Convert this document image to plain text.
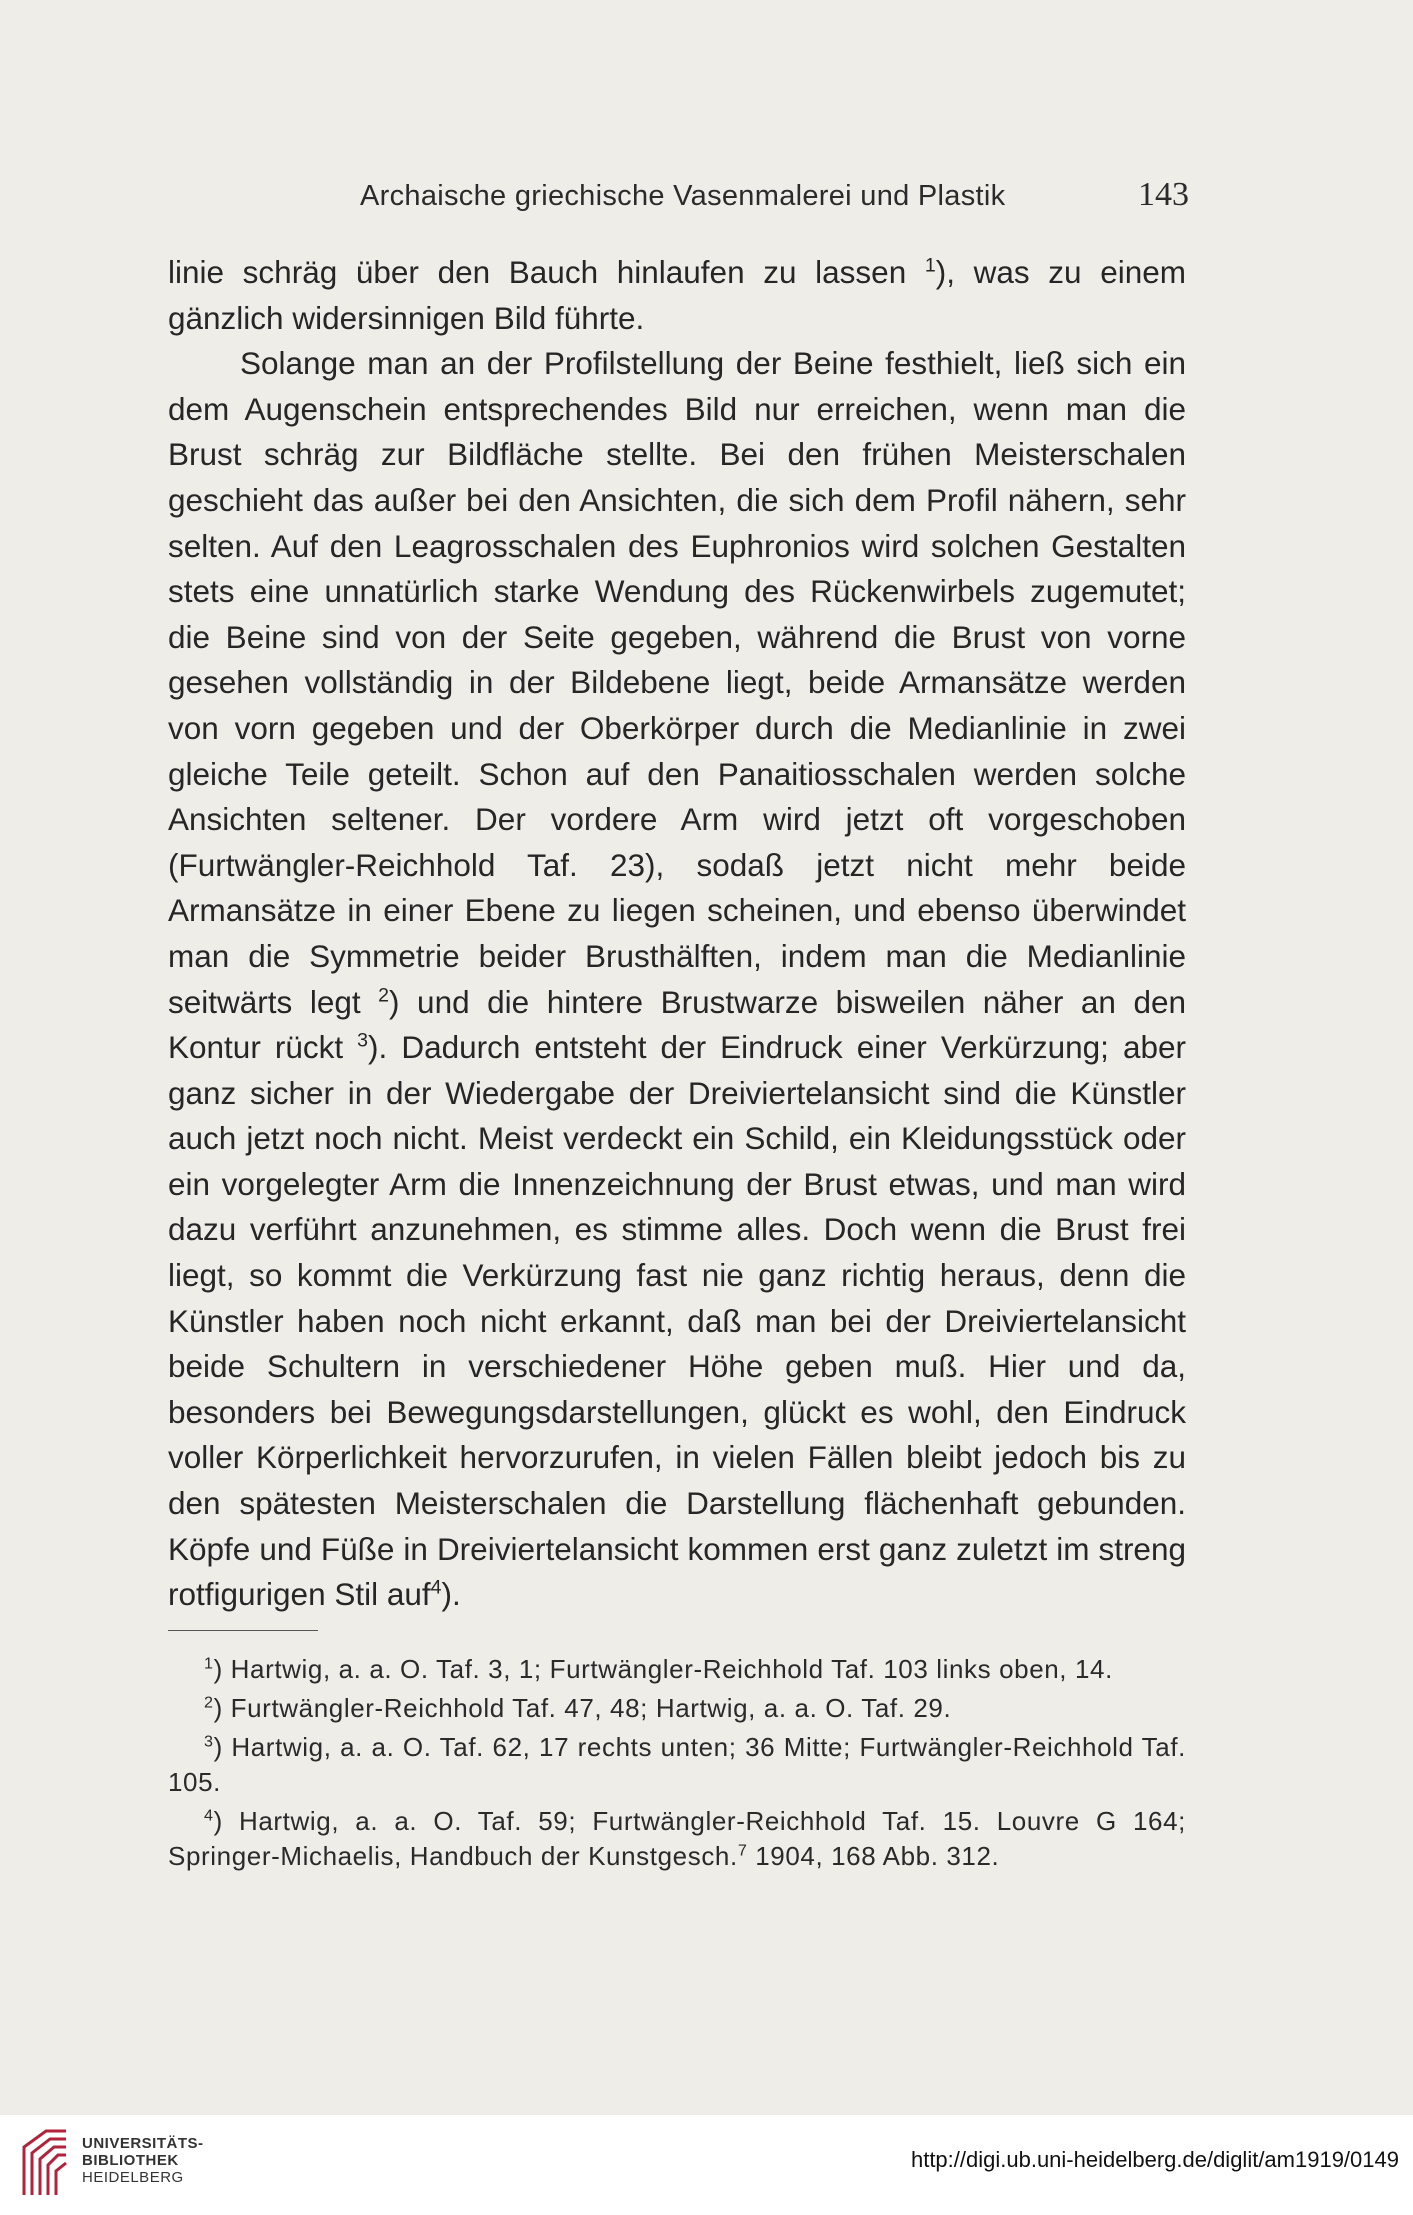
Archaische griechische Vasenmalerei und Plastik	143

linie schräg über den Bauch hinlaufen zu lassen $^1$), was zu einem gänzlich widersinnigen Bild führte.

Solange man an der Profilstellung der Beine festhielt, ließ sich ein dem Augenschein entsprechendes Bild nur erreichen, wenn man die Brust schräg zur Bildfläche stellte. Bei den frühen Meisterschalen geschieht das außer bei den Ansichten, die sich dem Profil nähern, sehr selten. Auf den Leagrosschalen des Euphronios wird solchen Gestalten stets eine unnatürlich starke Wendung des Rückenwirbels zugemutet; die Beine sind von der Seite gegeben, während die Brust von vorne gesehen vollständig in der Bildebene liegt, beide Armansätze werden von vorn gegeben und der Oberkörper durch die Medianlinie in zwei gleiche Teile geteilt. Schon auf den Panaitiosschalen werden solche Ansichten seltener. Der vordere Arm wird jetzt oft vorgeschoben (Furtwängler-Reichhold Taf. 23), sodaß jetzt nicht mehr beide Armansätze in einer Ebene zu liegen scheinen, und ebenso überwindet man die Symmetrie beider Brusthälften, indem man die Medianlinie seitwärts legt $^2$) und die hintere Brustwarze bisweilen näher an den Kontur rückt $^3$). Dadurch entsteht der Eindruck einer Verkürzung; aber ganz sicher in der Wiedergabe der Dreiviertelansicht sind die Künstler auch jetzt noch nicht. Meist verdeckt ein Schild, ein Kleidungsstück oder ein vorgelegter Arm die Innenzeichnung der Brust etwas, und man wird dazu verführt anzunehmen, es stimme alles. Doch wenn die Brust frei liegt, so kommt die Verkürzung fast nie ganz richtig heraus, denn die Künstler haben noch nicht erkannt, daß man bei der Dreiviertelansicht beide Schultern in verschiedener Höhe geben muß. Hier und da, besonders bei Bewegungsdarstellungen, glückt es wohl, den Eindruck voller Körperlichkeit hervorzurufen, in vielen Fällen bleibt jedoch bis zu den spätesten Meisterschalen die Darstellung flächenhaft gebunden. Köpfe und Füße in Dreiviertelansicht kommen erst ganz zuletzt im streng rotfigurigen Stil auf$^4$).

$^1$) Hartwig, a. a. O. Taf. 3, 1; Furtwängler-Reichhold Taf. 103 links oben, 14.

$^2$) Furtwängler-Reichhold Taf. 47, 48; Hartwig, a. a. O. Taf. 29.

$^3$) Hartwig, a. a. O. Taf. 62, 17 rechts unten; 36 Mitte; Furtwängler-Reichhold Taf. 105.

$^4$) Hartwig, a. a. O. Taf. 59; Furtwängler-Reichhold Taf. 15. Louvre G 164; Springer-Michaelis, Handbuch der Kunstgesch.$^7$ 1904, 168 Abb. 312.

UNIVERSITÄTS-
BIBLIOTHEK
HEIDELBERG
http://digi.ub.uni-heidelberg.de/diglit/am1919/0149
